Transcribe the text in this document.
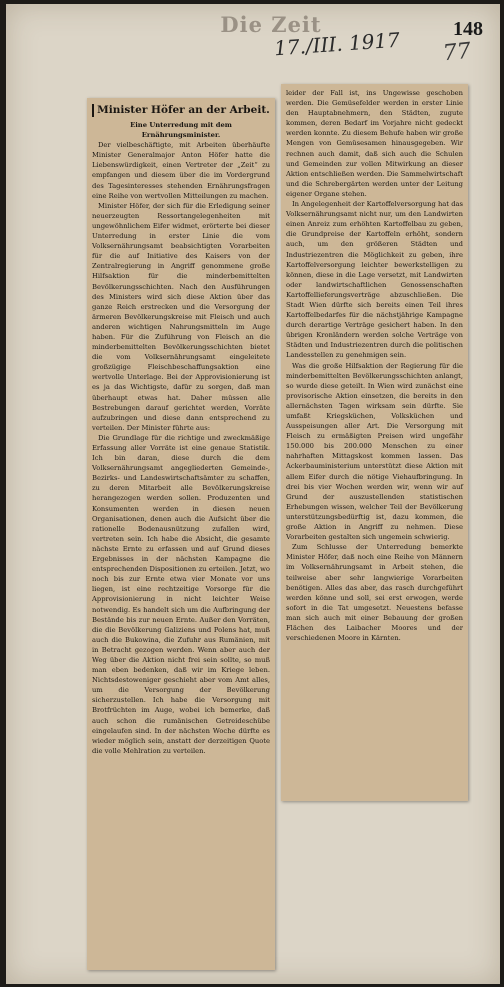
Die Zeit	148
17./III. 1917 77
Minister Höfer an der Arbeit.

Eine Unterredung mit dem Ernährungsminister.

Der vielbeschäftigte, mit Arbeiten überhäufte Minister Generalmajor Anton Höfer hatte die Liebenswürdigkeit, einen Vertreter der „Zeit“ zu empfangen und diesem über die im Vordergrund des Tagesinteresses stehenden Ernährungsfragen eine Reihe von wertvollen Mitteilungen zu machen.

Minister Höfer, der sich für die Erledigung seiner neuerzeugten Ressortangelegenheiten mit ungewöhnlichem Eifer widmet, erörterte bei dieser Unterredung in erster Linie die vom Volksernährungsamt beabsichtigten Vorarbeiten für die auf Initiative des Kaisers von der Zentralregierung in Angriff genommene große Hilfsaktion für die minderbemittelten Bevölkerungsschichten. Nach den Ausführungen des Ministers wird sich diese Aktion über das ganze Reich erstrecken und die Versorgung der ärmeren Bevölkerungskreise mit Fleisch und auch anderen wichtigen Nahrungsmitteln im Auge haben. Für die Zuführung von Fleisch an die minderbemittelten Bevölkerungsschichten bietet die vom Volksernährungsamt eingeleitete großzügige Fleischbeschaffungsaktion eine wertvolle Unterlage. Bei der Approvisionierung ist es ja das Wichtigste, dafür zu sorgen, daß man überhaupt etwas hat. Daher müssen alle Bestrebungen darauf gerichtet werden, Vorräte aufzubringen und diese dann entsprechend zu verteilen. Der Minister führte aus:

Die Grundlage für die richtige und zweckmäßige Erfassung aller Vorräte ist eine genaue Statistik. Ich bin daran, diese durch die dem Volksernährungsamt angegliederten Gemeinde-, Bezirks- und Landeswirtschaftsämter zu schaffen, zu deren Mitarbeit alle Bevölkerungskreise herangezogen werden sollen. Produzenten und Konsumenten werden in diesen neuen Organisationen, denen auch die Aufsicht über die rationelle Bodenausnützung zufallen wird, vertreten sein. Ich habe die Absicht, die gesamte nächste Ernte zu erfassen und auf Grund dieses Ergebnisses in der nächsten Kampagne die entsprechenden Dispositionen zu erteilen. Jetzt, wo noch bis zur Ernte etwa vier Monate vor uns liegen, ist eine rechtzeitige Vorsorge für die Approvisionierung in nicht leichter Weise notwendig. Es handelt sich um die Aufbringung der Bestände bis zur neuen Ernte. Außer den Vorräten, die die Bevölkerung Galiziens und Polens hat, muß auch die Bukowina, die Zufuhr aus Rumänien, mit in Betracht gezogen werden. Wenn aber auch der Weg über die Aktion nicht frei sein sollte, so muß man eben bedenken, daß wir im Kriege leben. Nichtsdestoweniger geschieht aber vom Amt alles, um die Versorgung der Bevölkerung sicherzustellen. Ich habe die Versorgung mit Brotfrüchten im Auge, wobei ich bemerke, daß auch schon die rumänischen Getreideschübe eingelaufen sind. In der nächsten Woche dürfte es wieder möglich sein, anstatt der derzeitigen Quote die volle Mehlration zu verteilen.

leider der Fall ist, ins Ungewisse geschoben werden. Die Gemüsefelder werden in erster Linie den Hauptabnehmern, den Städten, zugute kommen, deren Bedarf im Vorjahre nicht gedeckt werden konnte. Zu diesem Behufe haben wir große Mengen von Gemüsesamen hinausgegeben. Wir rechnen auch damit, daß sich auch die Schulen und Gemeinden zur vollen Mitwirkung an dieser Aktion entschließen werden. Die Sammelwirtschaft und die Schrebergärten werden unter der Leitung eigener Organe stehen.

In Angelegenheit der Kartoffelversorgung hat das Volksernährungsamt nicht nur, um den Landwirten einen Anreiz zum erhöhten Kartoffelbau zu geben, die Grundpreise der Kartoffeln erhöht, sondern auch, um den größeren Städten und Industriezentren die Möglichkeit zu geben, ihre Kartoffelversorgung leichter bewerkstelligen zu können, diese in die Lage versetzt, mit Landwirten oder landwirtschaftlichen Genossenschaften Kartoffellieferungsverträge abzuschließen. Die Stadt Wien dürfte sich bereits einen Teil ihres Kartoffelbedarfes für die nächstjährige Kampagne durch derartige Verträge gesichert haben. In den übrigen Kronländern werden solche Verträge von Städten und Industriezentren durch die politischen Landesstellen zu genehmigen sein.

Was die große Hilfsaktion der Regierung für die minderbemittelten Bevölkerungsschichten anlangt, so wurde diese geteilt. In Wien wird zunächst eine provisorische Aktion einsetzen, die bereits in den allernächsten Tagen wirksam sein dürfte. Sie umfaßt Kriegsküchen, Volksküchen und Ausspeisungen aller Art. Die Versorgung mit Fleisch zu ermäßigten Preisen wird ungefähr 150.000 bis 200.000 Menschen zu einer nahrhaften Mittagskost kommen lassen. Das Ackerbauministerium unterstützt diese Aktion mit allem Eifer durch die nötige Viehaufbringung. In drei bis vier Wochen werden wir, wenn wir auf Grund der auszustellenden statistischen Erhebungen wissen, welcher Teil der Bevölkerung unterstützungsbedürftig ist, dazu kommen, die große Aktion in Angriff zu nehmen. Diese Vorarbeiten gestalten sich ungemein schwierig.

Zum Schlusse der Unterredung bemerkte Minister Höfer, daß noch eine Reihe von Männern im Volksernährungsamt in Arbeit stehen, die teilweise aber sehr langwierige Vorarbeiten benötigen. Alles das aber, das rasch durchgeführt werden könne und soll, sei erst erwogen, werde sofort in die Tat umgesetzt. Neuestens befasse man sich auch mit einer Bebauung der großen Flächen des Laibacher Moores und der verschiedenen Moore in Kärnten.
